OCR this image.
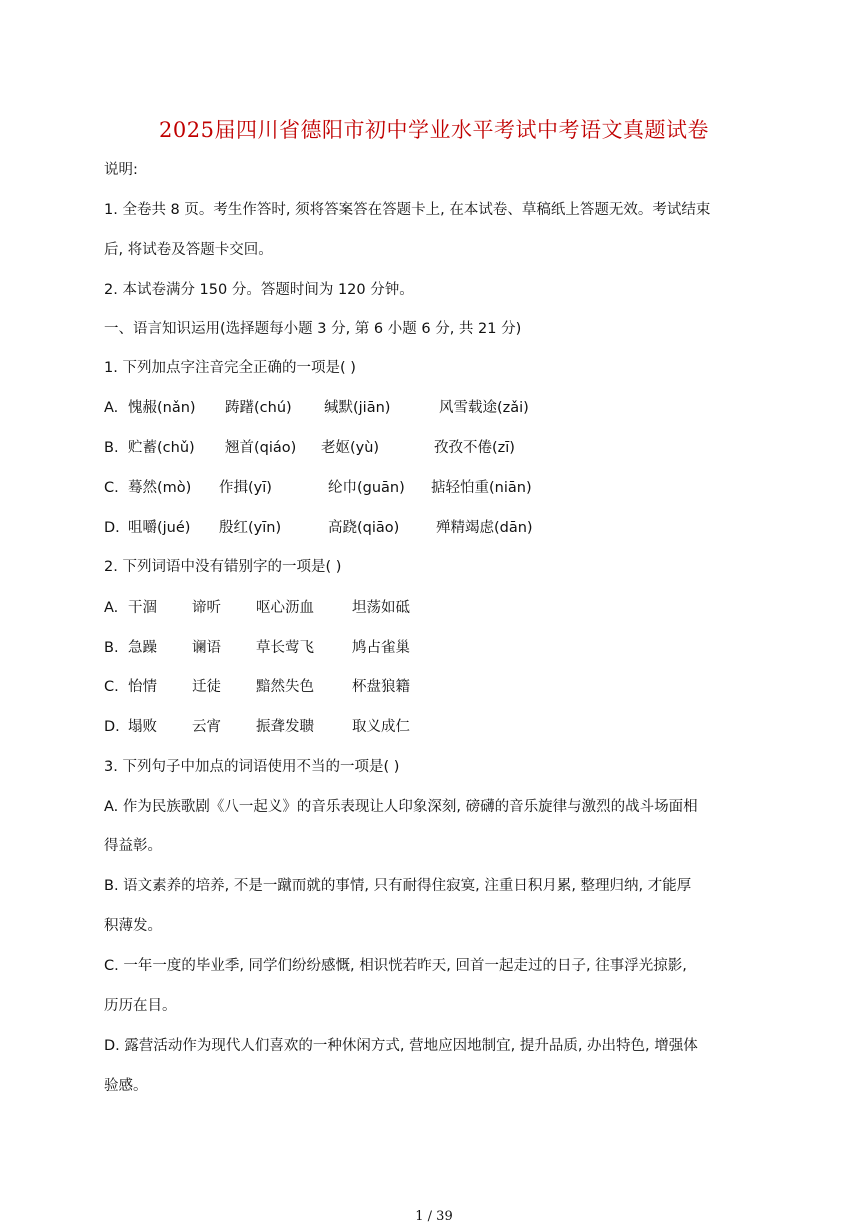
2025届四川省德阳市初中学业水平考试中考语文真题试卷
说明:
1. 全卷共 8 页。考生作答时, 须将答案答在答题卡上, 在本试卷、草稿纸上答题无效。考试结束
后, 将试卷及答题卡交回。
2. 本试卷满分 150 分。答题时间为 120 分钟。
一、语言知识运用(选择题每小题 3 分, 第 6 小题 6 分, 共 21 分)
1. 下列加点字注音完全正确的一项是( )
A. 愧赧(nǎn) 踌躇(chú) 缄默(jiān)	风雪载途(zǎi)
B. 贮蓄(chǔ) 翘首(qiáo) 老妪(yù)	孜孜不倦(zī)
C. 蓦然(mò) 作揖(yī)	纶巾(guān) 掂轻怕重(niān)
D. 咀嚼(jué) 殷红(yīn)	高跷(qiāo)	殚精竭虑(dān)
2. 下列词语中没有错别字的一项是( )
A. 干涸 谛听 呕心沥血	坦荡如砥
B. 急躁 谰语 草长莺飞	鸠占雀巢
C. 怡情 迁徒 黯然失色	杯盘狼籍
D. 塌败 云宵 振聋发聩	取义成仁
3. 下列句子中加点的词语使用不当的一项是( )
A. 作为民族歌剧《八一起义》的音乐表现让人印象深刻, 磅礴的音乐旋律与激烈的战斗场面相
得益彰。
B. 语文素养的培养, 不是一蹴而就的事情, 只有耐得住寂寞, 注重日积月累, 整理归纳, 才能厚
积薄发。
C. 一年一度的毕业季, 同学们纷纷感慨, 相识恍若昨天, 回首一起走过的日子, 往事浮光掠影,
历历在目。
D. 露营活动作为现代人们喜欢的一种休闲方式, 营地应因地制宜, 提升品质, 办出特色, 增强体
验感。
1 / 39
